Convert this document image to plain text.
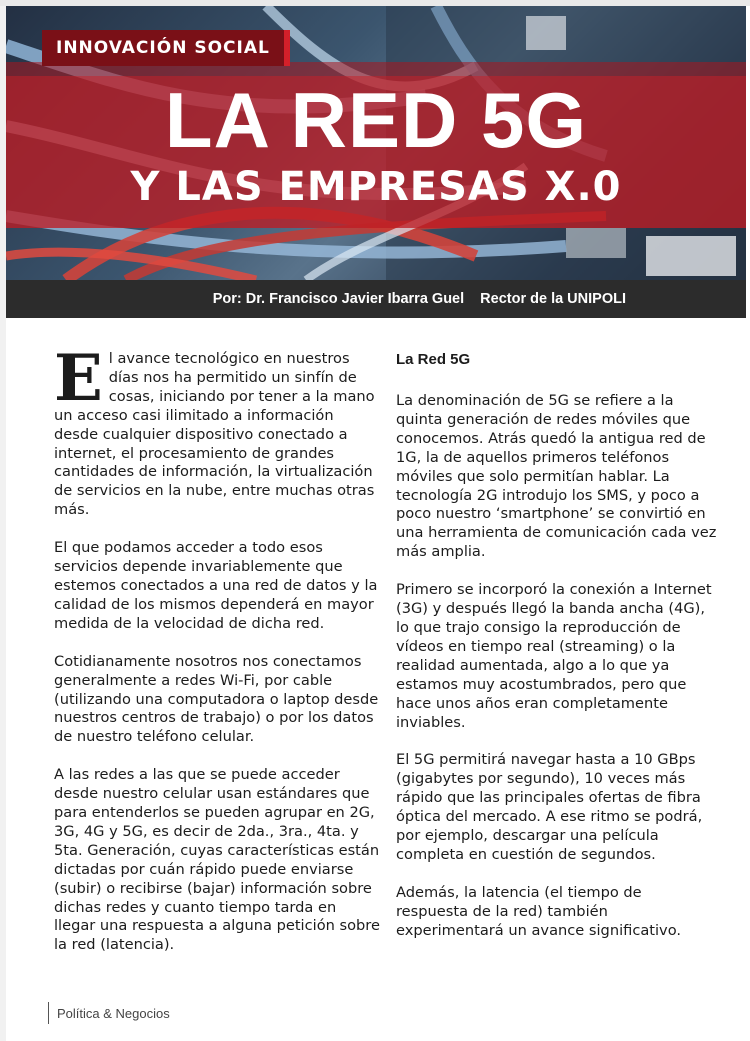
INNOVACIÓN SOCIAL
LA RED 5G
Y LAS EMPRESAS X.0
Por: Dr. Francisco Javier Ibarra Guel Rector de la UNIPOLI

E l avance tecnológico en nuestros días nos ha permitido un sinfín de cosas, iniciando por tener a la mano un acceso casi ilimitado a información desde cualquier dispositivo conectado a internet, el procesamiento de grandes cantidades de información, la virtualización de servicios en la nube, entre muchas otras más.

El que podamos acceder a todo esos servicios depende invariablemente que estemos conectados a una red de datos y la calidad de los mismos dependerá en mayor medida de la velocidad de dicha red.

Cotidianamente nosotros nos conectamos generalmente a redes Wi-Fi, por cable (utilizando una computadora o laptop desde nuestros centros de trabajo) o por los datos de nuestro teléfono celular.

A las redes a las que se puede acceder desde nuestro celular usan estándares que para entenderlos se pueden agrupar en 2G, 3G, 4G y 5G, es decir de 2da., 3ra., 4ta. y 5ta. Generación, cuyas características están dictadas por cuán rápido puede enviarse (subir) o recibirse (bajar) información sobre dichas redes y cuanto tiempo tarda en llegar una respuesta a alguna petición sobre la red (latencia).

La Red 5G

La denominación de 5G se refiere a la quinta generación de redes móviles que conocemos. Atrás quedó la antigua red de 1G, la de aquellos primeros teléfonos móviles que solo permitían hablar. La tecnología 2G introdujo los SMS, y poco a poco nuestro ‘smartphone’ se convirtió en una herramienta de comunicación cada vez más amplia.

Primero se incorporó la conexión a Internet (3G) y después llegó la banda ancha (4G), lo que trajo consigo la reproducción de vídeos en tiempo real (streaming) o la realidad aumentada, algo a lo que ya estamos muy acostumbrados, pero que hace unos años eran completamente inviables.

El 5G permitirá navegar hasta a 10 GBps (gigabytes por segundo), 10 veces más rápido que las principales ofertas de fibra óptica del mercado. A ese ritmo se podrá, por ejemplo, descargar una película completa en cuestión de segundos.

Además, la latencia (el tiempo de respuesta de la red) también experimentará un avance significativo.

Política & Negocios
